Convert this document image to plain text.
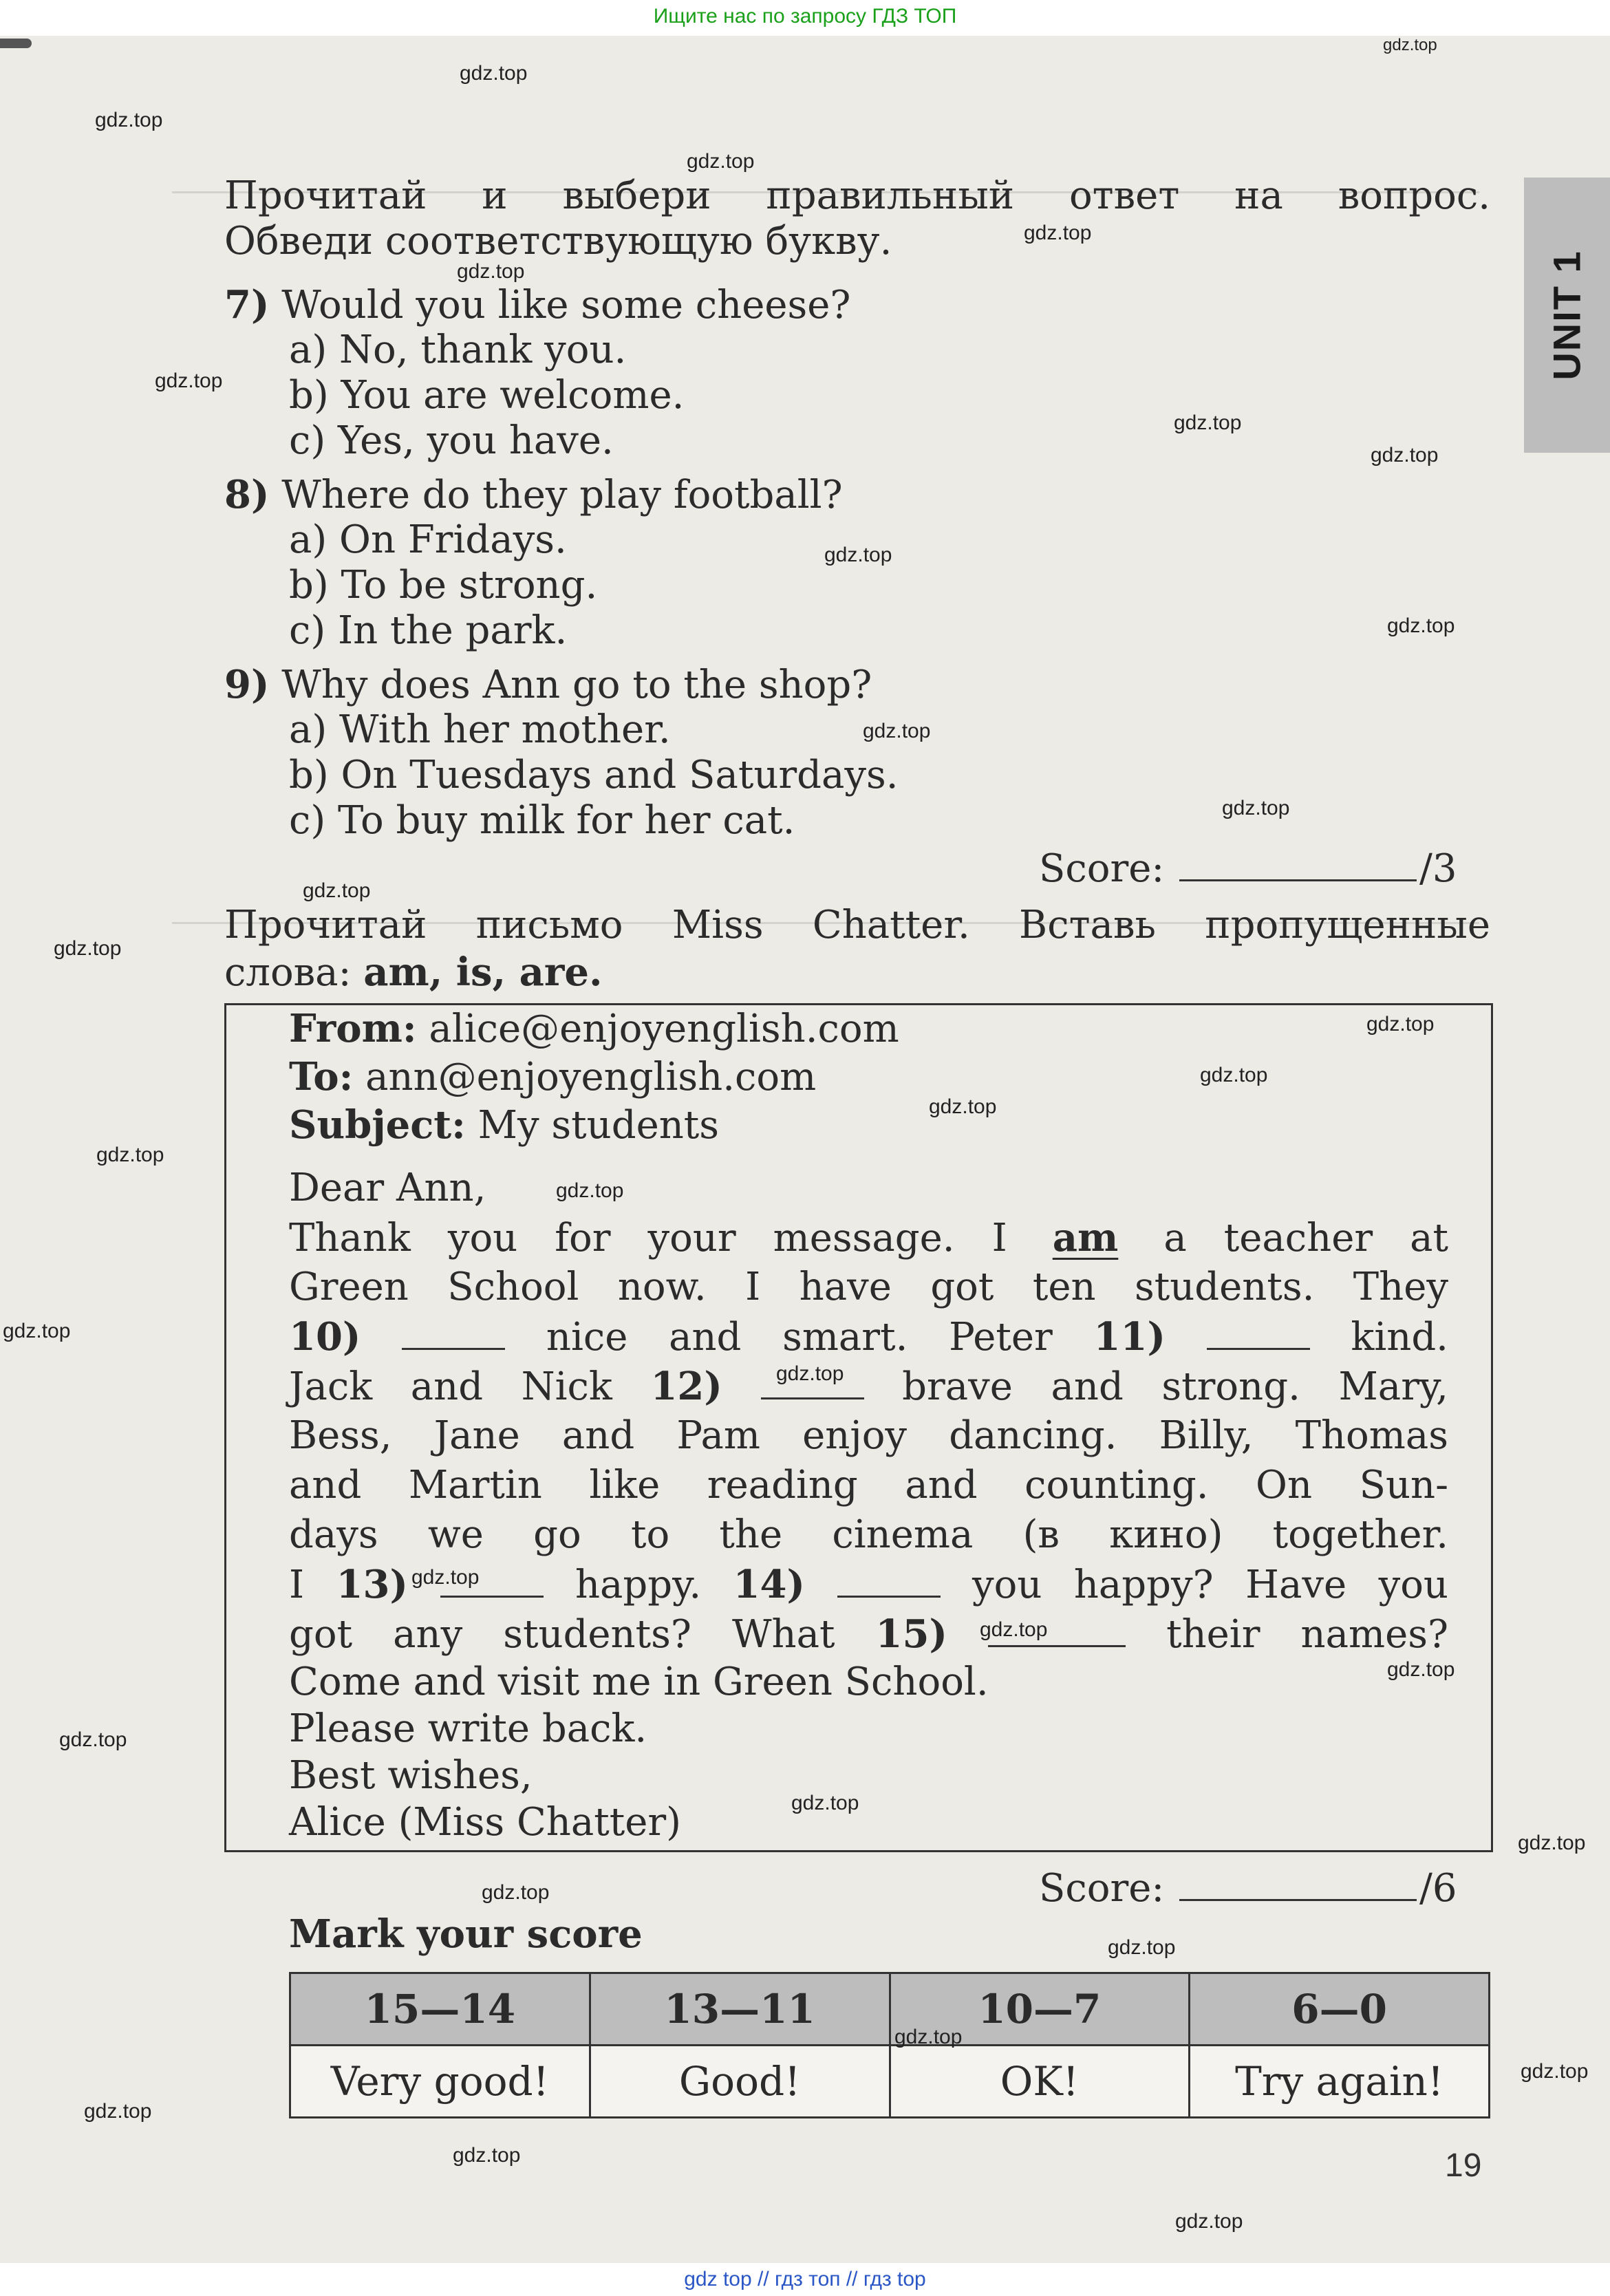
Ищите нас по запросу ГДЗ ТОП
UNIT 1
Прочитай и выбери правильный ответ на вопрос.
Обведи соответствующую букву.
7) Would you like some cheese?
a) No, thank you.
b) You are welcome.
c) Yes, you have.
8) Where do they play football?
a) On Fridays.
b) To be strong.
c) In the park.
9) Why does Ann go to the shop?
a) With her mother.
b) On Tuesdays and Saturdays.
c) To buy milk for her cat.
Score:	/3
Прочитай письмо Miss Chatter. Вставь пропущенные
слова: am, is, are.
From: alice@enjoyenglish.com
To: ann@enjoyenglish.com
Subject: My students
Dear Ann,
Thank you for your message. I am a teacher at
Green School now. I have got ten students. They
10)	nice and smart. Peter 11)	kind.
Jack and Nick 12)	brave and strong. Mary,
Bess, Jane and Pam enjoy dancing. Billy, Thomas
and Martin like reading and counting. On Sun-
days we go to the cinema (в кино) together.
I 13)	happy. 14)	you happy? Have you
got any students? What 15)	their names?
Come and visit me in Green School.
Please write back.
Best wishes,
Alice (Miss Chatter)
Score:	/6
Mark your score
15—14	13—11	10—7	6—0
Very good!	Good!	OK!	Try again!
19
gdz.top
gdz.top
gdz.top
gdz.top
gdz.top
gdz.top
gdz.top
gdz.top
gdz.top
gdz.top
gdz.top
gdz.top
gdz.top
gdz.top
gdz.top
gdz.top
gdz.top
gdz.top
gdz.top
gdz.top
gdz.top
gdz.top
gdz.top
gdz.top
gdz.top
gdz.top
gdz.top
gdz.top
gdz.top
gdz.top
gdz.top
gdz.top
gdz.top
gdz.top
gdz.top
gdz top // гдз топ // гдз top
